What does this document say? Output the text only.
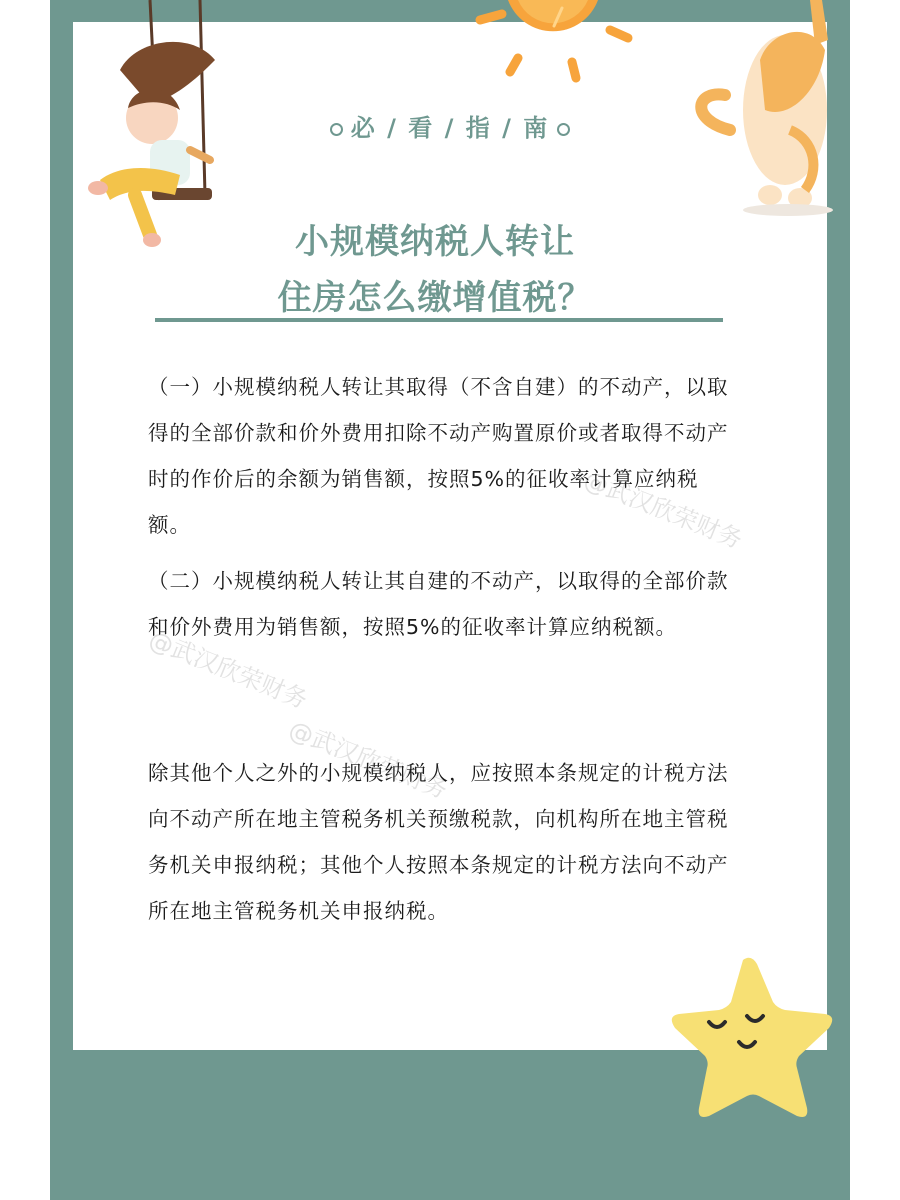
@武汉欣荣财务
@武汉欣荣财务
@武汉欣荣财务
必 / 看 / 指 / 南
小规模纳税人转让
住房怎么缴增值税？

（一）小规模纳税人转让其取得（不含自建）的不动产，以取得的全部价款和价外费用扣除不动产购置原价或者取得不动产时的作价后的余额为销售额，按照5%的征收率计算应纳税额。

（二）小规模纳税人转让其自建的不动产，以取得的全部价款和价外费用为销售额，按照5%的征收率计算应纳税额。

除其他个人之外的小规模纳税人，应按照本条规定的计税方法向不动产所在地主管税务机关预缴税款，向机构所在地主管税务机关申报纳税；其他个人按照本条规定的计税方法向不动产所在地主管税务机关申报纳税。
